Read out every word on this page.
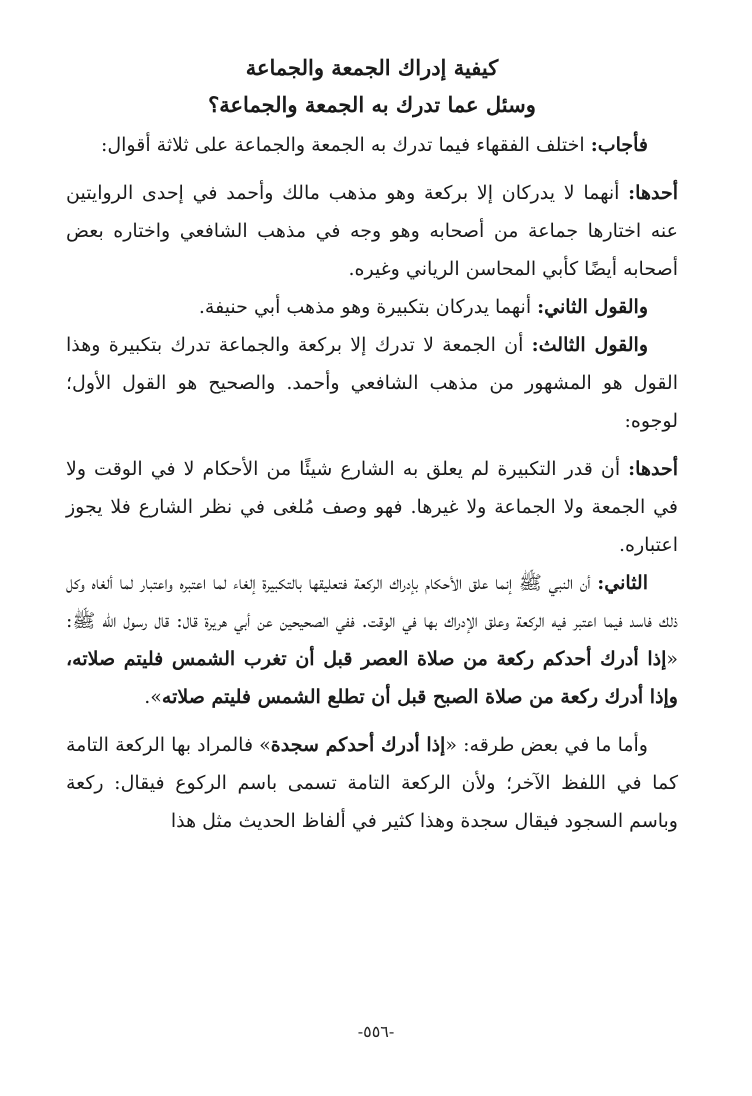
كيفية إدراك الجمعة والجماعة
وسئل عما تدرك به الجمعة والجماعة؟

فأجاب: اختلف الفقهاء فيما تدرك به الجمعة والجماعة على ثلاثة أقوال:

أحدها: أنهما لا يدركان إلا بركعة وهو مذهب مالك وأحمد في إحدى الروايتين عنه اختارها جماعة من أصحابه وهو وجه في مذهب الشافعي واختاره بعض أصحابه أيضًا كأبي المحاسن الرياني وغيره.

والقول الثاني: أنهما يدركان بتكبيرة وهو مذهب أبي حنيفة.

والقول الثالث: أن الجمعة لا تدرك إلا بركعة والجماعة تدرك بتكبيرة وهذا القول هو المشهور من مذهب الشافعي وأحمد. والصحيح هو القول الأول؛ لوجوه:

أحدها: أن قدر التكبيرة لم يعلق به الشارع شيئًا من الأحكام لا في الوقت ولا في الجمعة ولا الجماعة ولا غيرها. فهو وصف مُلغى في نظر الشارع فلا يجوز اعتباره.

الثاني: أن النبي ﷺ إنما علق الأحكام بإدراك الركعة فتعليقها بالتكبيرة إلغاء لما اعتبره واعتبار لما ألغاه وكل ذلك فاسد فيما اعتبر فيه الركعة وعلق الإدراك بها في الوقت. ففي الصحيحين عن أبي هريرة قال: قال رسول الله ﷺ: «إذا أدرك أحدكم ركعة من صلاة العصر قبل أن تغرب الشمس فليتم صلاته، وإذا أدرك ركعة من صلاة الصبح قبل أن تطلع الشمس فليتم صلاته».

وأما ما في بعض طرقه: «إذا أدرك أحدكم سجدة» فالمراد بها الركعة التامة كما في اللفظ الآخر؛ ولأن الركعة التامة تسمى باسم الركوع فيقال: ركعة وباسم السجود فيقال سجدة وهذا كثير في ألفاظ الحديث مثل هذا

-٥٥٦-
